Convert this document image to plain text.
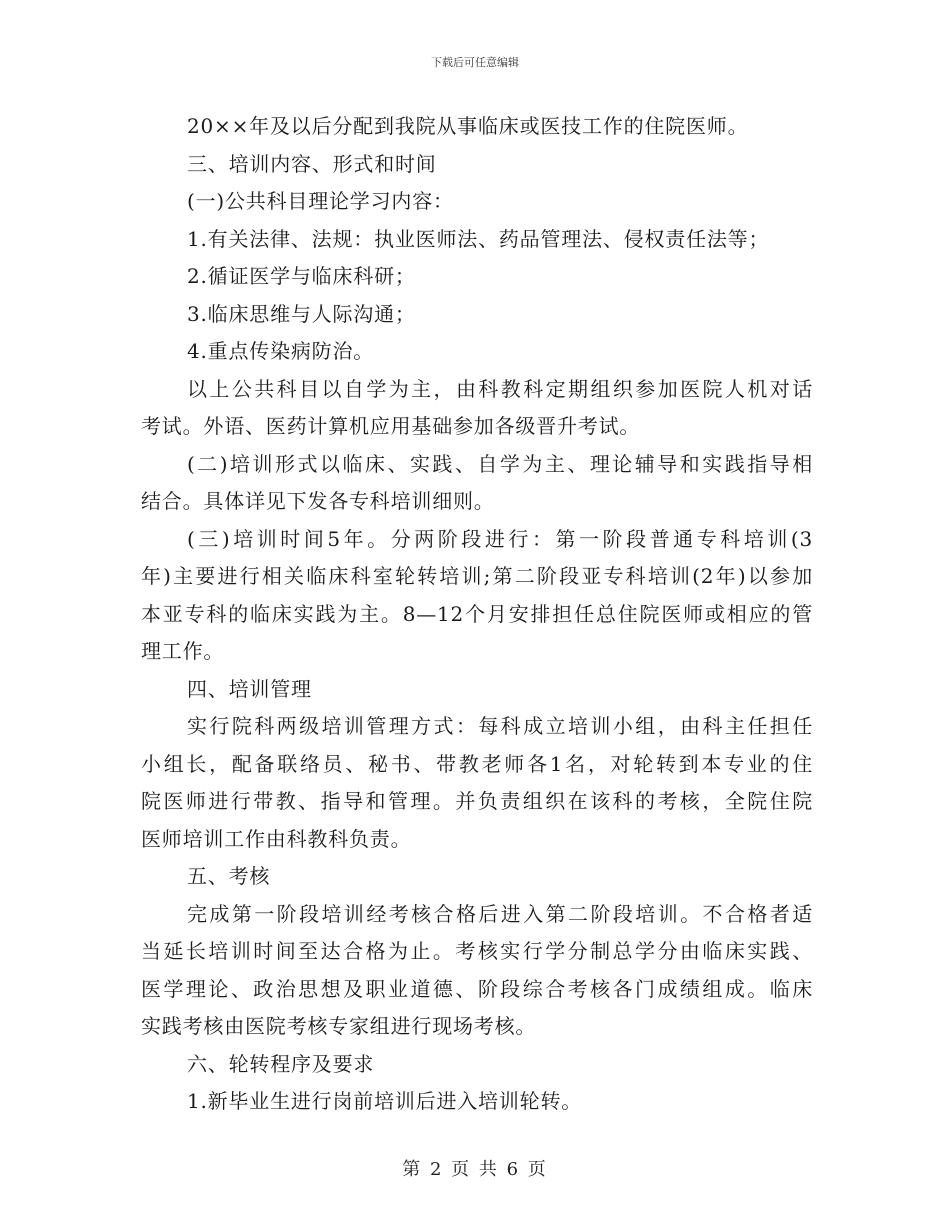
下载后可任意编辑
20××年及以后分配到我院从事临床或医技工作的住院医师。
三、培训内容、形式和时间
(一)公共科目理论学习内容：
1.有关法律、法规：执业医师法、药品管理法、侵权责任法等；
2.循证医学与临床科研；
3.临床思维与人际沟通；
4.重点传染病防治。
以上公共科目以自学为主，由科教科定期组织参加医院人机对话
考试。外语、医药计算机应用基础参加各级晋升考试。
(二)培训形式以临床、实践、自学为主、理论辅导和实践指导相
结合。具体详见下发各专科培训细则。
(三)培训时间5年。分两阶段进行：第一阶段普通专科培训(3
年)主要进行相关临床科室轮转培训;第二阶段亚专科培训(2年)以参加
本亚专科的临床实践为主。8—12个月安排担任总住院医师或相应的管
理工作。
四、培训管理
实行院科两级培训管理方式：每科成立培训小组，由科主任担任
小组长，配备联络员、秘书、带教老师各1名，对轮转到本专业的住
院医师进行带教、指导和管理。并负责组织在该科的考核，全院住院
医师培训工作由科教科负责。
五、考核
完成第一阶段培训经考核合格后进入第二阶段培训。不合格者适
当延长培训时间至达合格为止。考核实行学分制总学分由临床实践、
医学理论、政治思想及职业道德、阶段综合考核各门成绩组成。临床
实践考核由医院考核专家组进行现场考核。
六、轮转程序及要求
1.新毕业生进行岗前培训后进入培训轮转。
第 2 页 共 6 页
